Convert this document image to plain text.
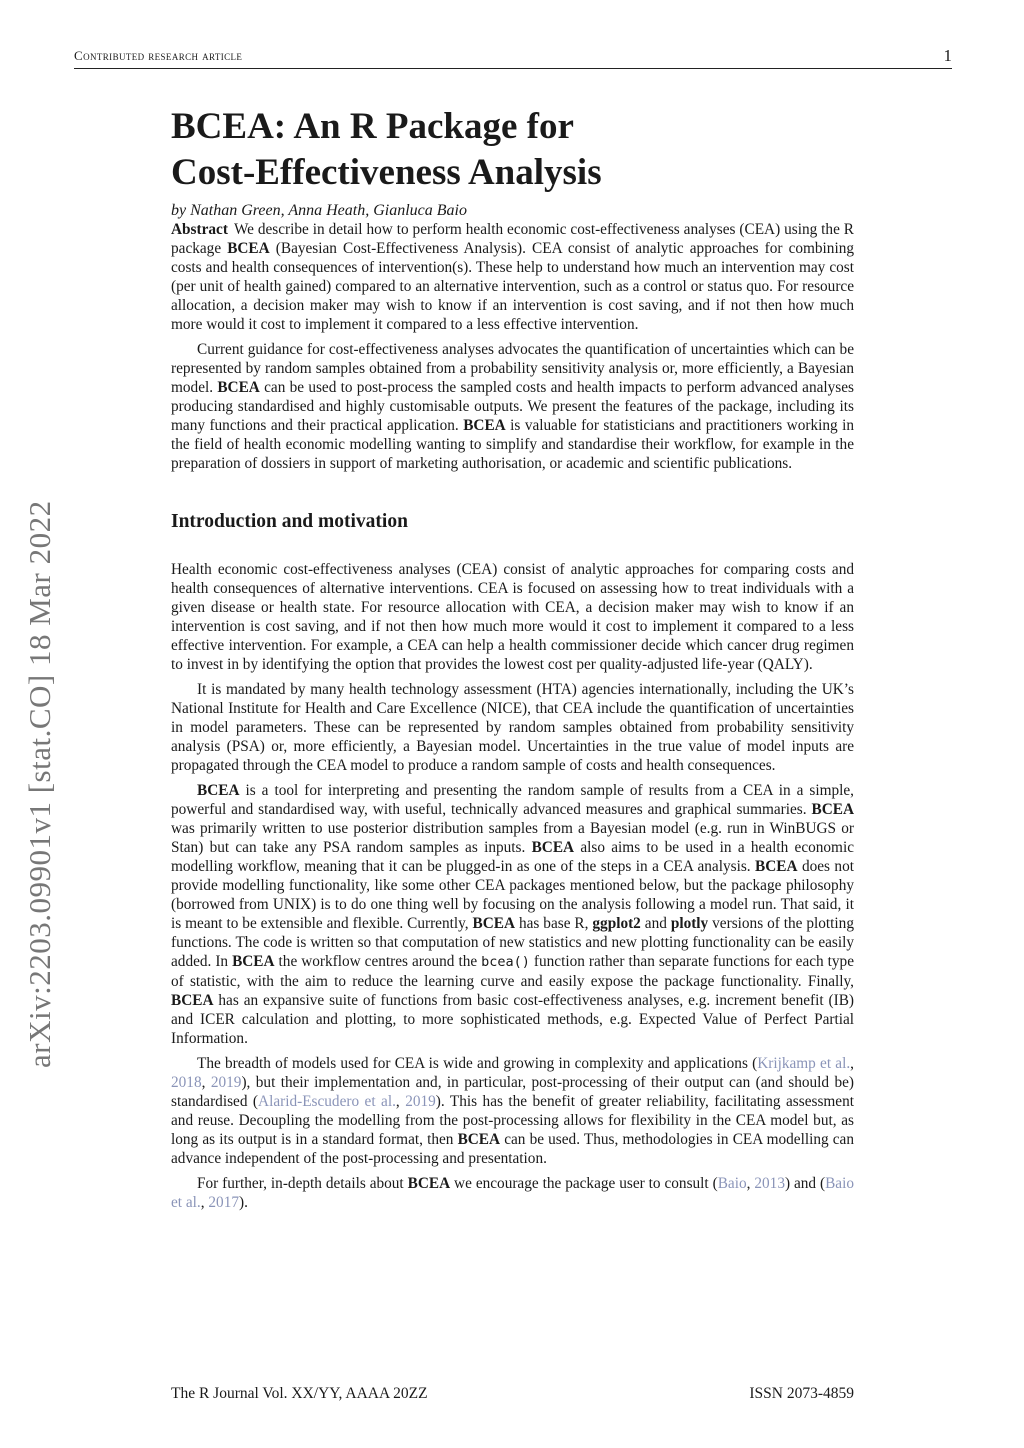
Contributed research article	1
arXiv:2203.09901v1 [stat.CO] 18 Mar 2022
BCEA: An R Package for
Cost-Effectiveness Analysis
by Nathan Green, Anna Heath, Gianluca Baio

Abstract We describe in detail how to perform health economic cost-effectiveness analyses (CEA) using the R package BCEA (Bayesian Cost-Effectiveness Analysis). CEA consist of analytic approaches for combining costs and health consequences of intervention(s). These help to understand how much an intervention may cost (per unit of health gained) compared to an alternative intervention, such as a control or status quo. For resource allocation, a decision maker may wish to know if an intervention is cost saving, and if not then how much more would it cost to implement it compared to a less effective intervention.

Current guidance for cost-effectiveness analyses advocates the quantification of uncertainties which can be represented by random samples obtained from a probability sensitivity analysis or, more efficiently, a Bayesian model. BCEA can be used to post-process the sampled costs and health impacts to perform advanced analyses producing standardised and highly customisable outputs. We present the features of the package, including its many functions and their practical application. BCEA is valuable for statisticians and practitioners working in the field of health economic modelling wanting to simplify and standardise their workflow, for example in the preparation of dossiers in support of marketing authorisation, or academic and scientific publications.

Introduction and motivation

Health economic cost-effectiveness analyses (CEA) consist of analytic approaches for comparing costs and health consequences of alternative interventions. CEA is focused on assessing how to treat individuals with a given disease or health state. For resource allocation with CEA, a decision maker may wish to know if an intervention is cost saving, and if not then how much more would it cost to implement it compared to a less effective intervention. For example, a CEA can help a health commissioner decide which cancer drug regimen to invest in by identifying the option that provides the lowest cost per quality-adjusted life-year (QALY).

It is mandated by many health technology assessment (HTA) agencies internationally, including the UK’s National Institute for Health and Care Excellence (NICE), that CEA include the quantification of uncertainties in model parameters. These can be represented by random samples obtained from probability sensitivity analysis (PSA) or, more efficiently, a Bayesian model. Uncertainties in the true value of model inputs are propagated through the CEA model to produce a random sample of costs and health consequences.

BCEA is a tool for interpreting and presenting the random sample of results from a CEA in a simple, powerful and standardised way, with useful, technically advanced measures and graphical summaries. BCEA was primarily written to use posterior distribution samples from a Bayesian model (e.g. run in WinBUGS or Stan) but can take any PSA random samples as inputs. BCEA also aims to be used in a health economic modelling workflow, meaning that it can be plugged-in as one of the steps in a CEA analysis. BCEA does not provide modelling functionality, like some other CEA packages mentioned below, but the package philosophy (borrowed from UNIX) is to do one thing well by focusing on the analysis following a model run. That said, it is meant to be extensible and flexible. Currently, BCEA has base R, ggplot2 and plotly versions of the plotting functions. The code is written so that computation of new statistics and new plotting functionality can be easily added. In BCEA the workflow centres around the bcea() function rather than separate functions for each type of statistic, with the aim to reduce the learning curve and easily expose the package functionality. Finally, BCEA has an expansive suite of functions from basic cost-effectiveness analyses, e.g. increment benefit (IB) and ICER calculation and plotting, to more sophisticated methods, e.g. Expected Value of Perfect Partial Information.

The breadth of models used for CEA is wide and growing in complexity and applications (Krijkamp et al., 2018, 2019), but their implementation and, in particular, post-processing of their output can (and should be) standardised (Alarid-Escudero et al., 2019). This has the benefit of greater reliability, facilitating assessment and reuse. Decoupling the modelling from the post-processing allows for flexibility in the CEA model but, as long as its output is in a standard format, then BCEA can be used. Thus, methodologies in CEA modelling can advance independent of the post-processing and presentation.

For further, in-depth details about BCEA we encourage the package user to consult (Baio, 2013) and (Baio et al., 2017).

The R Journal Vol. XX/YY, AAAA 20ZZ	ISSN 2073-4859
